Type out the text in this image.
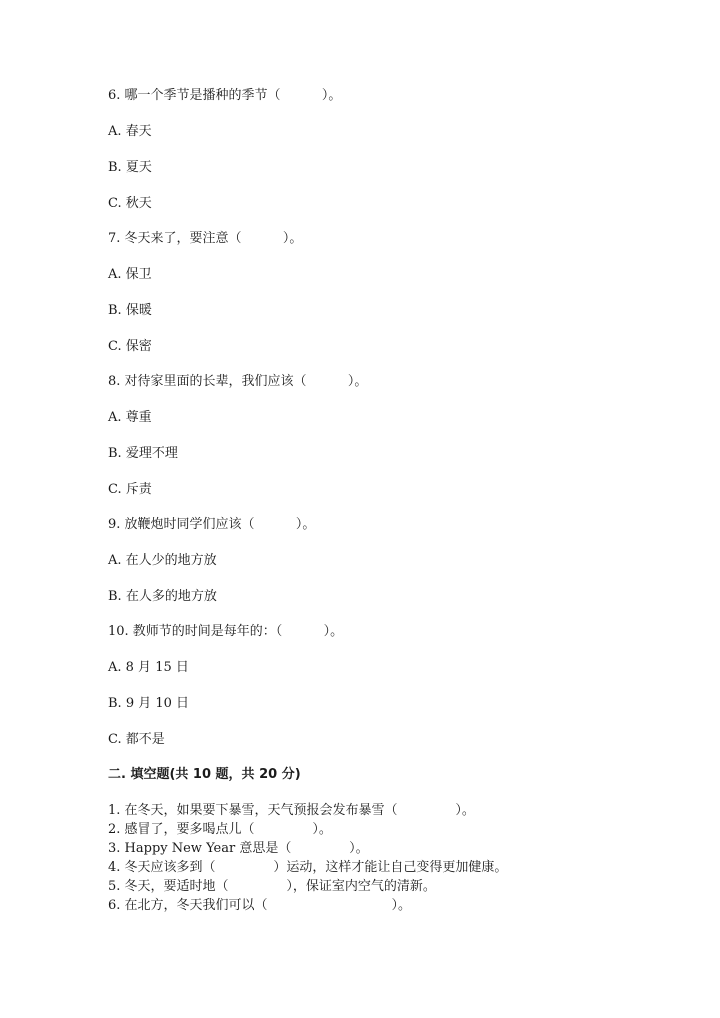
6. 哪一个季节是播种的季节（          ）。
A. 春天
B. 夏天
C. 秋天
7. 冬天来了，要注意（          ）。
A. 保卫
B. 保暖
C. 保密
8. 对待家里面的长辈，我们应该（          ）。
A. 尊重
B. 爱理不理
C. 斥责
9. 放鞭炮时同学们应该（          ）。
A. 在人少的地方放
B. 在人多的地方放
10. 教师节的时间是每年的：（          ）。
A. 8 月 15 日
B. 9 月 10 日
C. 都不是
二. 填空题(共 10 题，共 20 分)
1. 在冬天，如果要下暴雪，天气预报会发布暴雪（              ）。
2. 感冒了，要多喝点儿（              ）。
3. Happy New Year 意思是（              ）。
4. 冬天应该多到（              ）运动，这样才能让自己变得更加健康。
5. 冬天，要适时地（              ），保证室内空气的清新。
6. 在北方，冬天我们可以（                              ）。
